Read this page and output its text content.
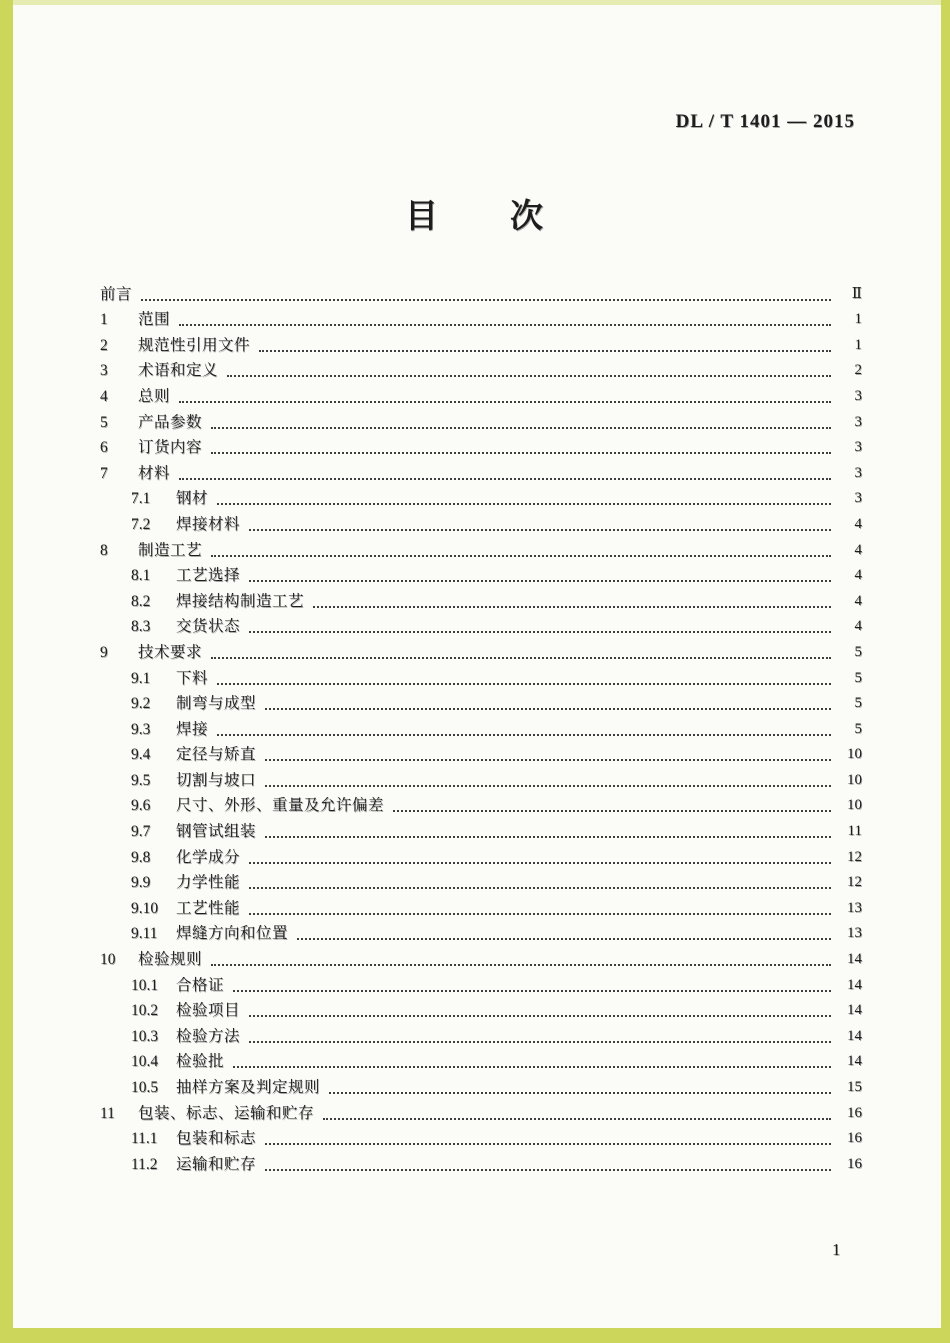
DL / T 1401 — 2015
目　　次
前言	Ⅱ
1	范围	1
2	规范性引用文件	1
3	术语和定义	2
4	总则	3
5	产品参数	3
6	订货内容	3
7	材料	3
7.1	钢材	3
7.2	焊接材料	4
8	制造工艺	4
8.1	工艺选择	4
8.2	焊接结构制造工艺	4
8.3	交货状态	4
9	技术要求	5
9.1	下料	5
9.2	制弯与成型	5
9.3	焊接	5
9.4	定径与矫直	10
9.5	切割与坡口	10
9.6	尺寸、外形、重量及允许偏差	10
9.7	钢管试组装	11
9.8	化学成分	12
9.9	力学性能	12
9.10	工艺性能	13
9.11	焊缝方向和位置	13
10	检验规则	14
10.1	合格证	14
10.2	检验项目	14
10.3	检验方法	14
10.4	检验批	14
10.5	抽样方案及判定规则	15
11	包装、标志、运输和贮存	16
11.1	包装和标志	16
11.2	运输和贮存	16
1
